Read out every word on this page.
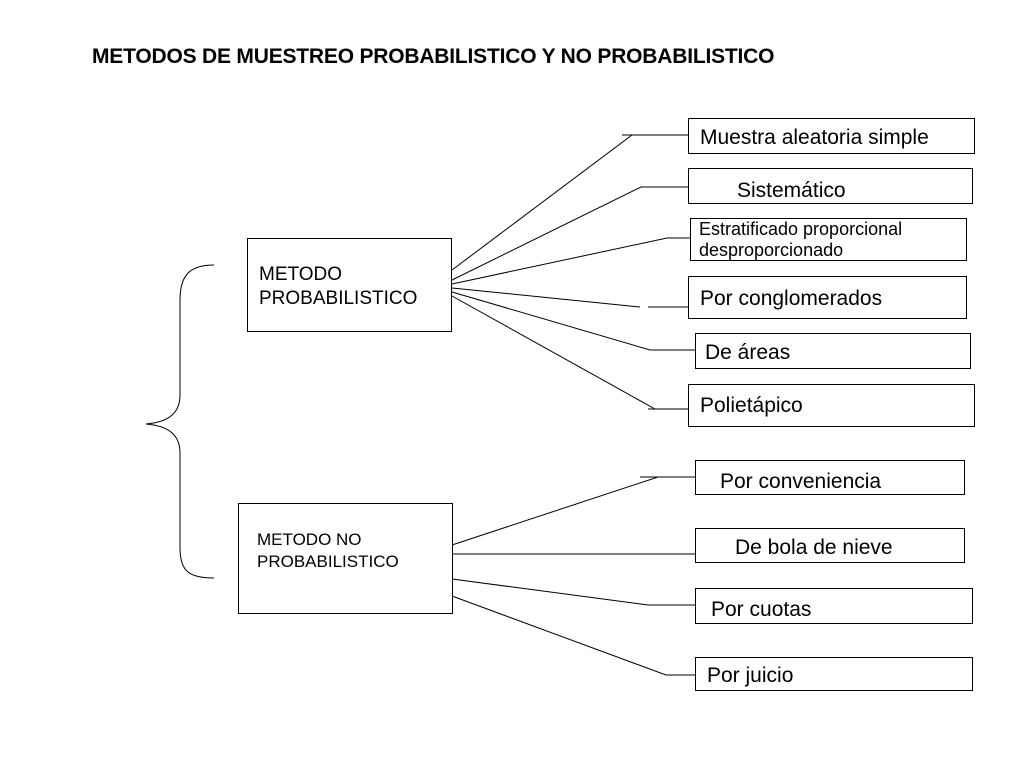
METODOS DE MUESTREO PROBABILISTICO Y NO PROBABILISTICO
METODO
PROBABILISTICO
METODO NO
PROBABILISTICO
Muestra aleatoria simple
Sistemático
Estratificado proporcional
desproporcionado
Por conglomerados
De áreas
Polietápico
Por conveniencia
De bola de nieve
Por cuotas
Por juicio
